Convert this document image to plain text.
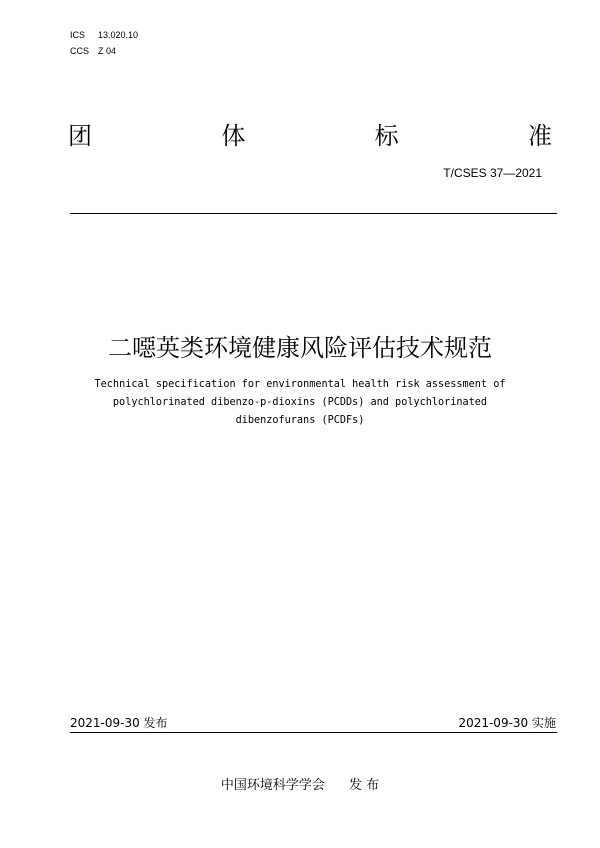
ICS 13.020.10
CCS Z 04
团	体	标	准
T/CSES 37—2021
二噁英类环境健康风险评估技术规范
Technical specification for environmental health risk assessment of
polychlorinated dibenzo-p-dioxins (PCDDs) and polychlorinated
dibenzofurans (PCDFs)
2021-09-30 发布	2021-09-30 实施
中国环境科学学会 发 布
